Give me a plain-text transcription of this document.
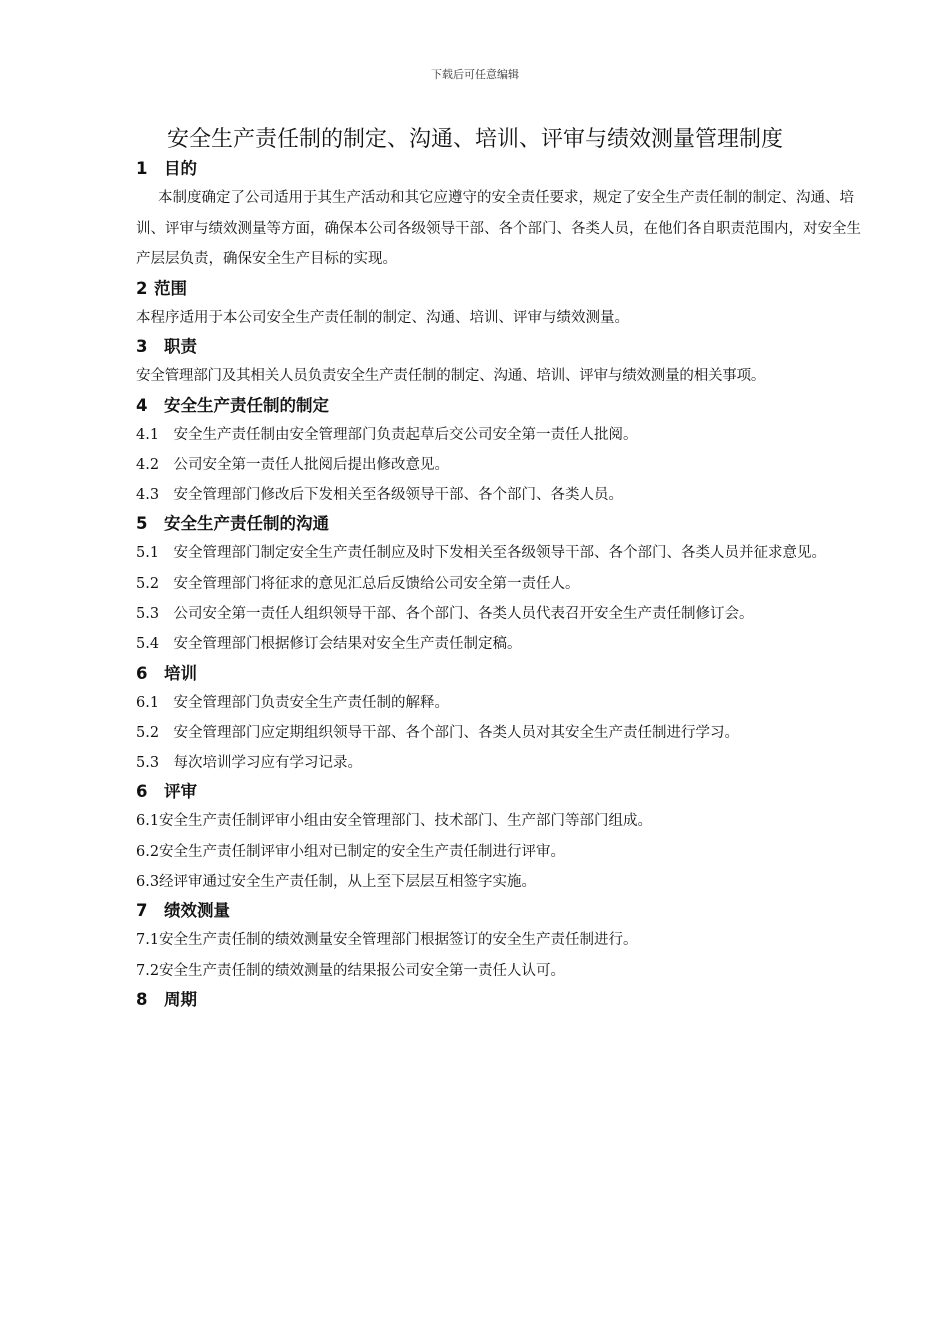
下载后可任意编辑
安全生产责任制的制定、沟通、培训、评审与绩效测量管理制度
1 目的

本制度确定了公司适用于其生产活动和其它应遵守的安全责任要求，规定了安全生产责任制的制定、沟通、培训、评审与绩效测量等方面，确保本公司各级领导干部、各个部门、各类人员，在他们各自职责范围内，对安全生产层层负责，确保安全生产目标的实现。

2 范围

本程序适用于本公司安全生产责任制的制定、沟通、培训、评审与绩效测量。

3 职责

安全管理部门及其相关人员负责安全生产责任制的制定、沟通、培训、评审与绩效测量的相关事项。

4 安全生产责任制的制定

4.1　安全生产责任制由安全管理部门负责起草后交公司安全第一责任人批阅。

4.2　公司安全第一责任人批阅后提出修改意见。

4.3　安全管理部门修改后下发相关至各级领导干部、各个部门、各类人员。

5 安全生产责任制的沟通

5.1　安全管理部门制定安全生产责任制应及时下发相关至各级领导干部、各个部门、各类人员并征求意见。

5.2　安全管理部门将征求的意见汇总后反馈给公司安全第一责任人。

5.3　公司安全第一责任人组织领导干部、各个部门、各类人员代表召开安全生产责任制修订会。

5.4　安全管理部门根据修订会结果对安全生产责任制定稿。

6 培训

6.1　安全管理部门负责安全生产责任制的解释。

5.2　安全管理部门应定期组织领导干部、各个部门、各类人员对其安全生产责任制进行学习。

5.3　每次培训学习应有学习记录。

6 评审

6.1安全生产责任制评审小组由安全管理部门、技术部门、生产部门等部门组成。

6.2安全生产责任制评审小组对已制定的安全生产责任制进行评审。

6.3经评审通过安全生产责任制，从上至下层层互相签字实施。

7 绩效测量

7.1安全生产责任制的绩效测量安全管理部门根据签订的安全生产责任制进行。

7.2安全生产责任制的绩效测量的结果报公司安全第一责任人认可。

8 周期
